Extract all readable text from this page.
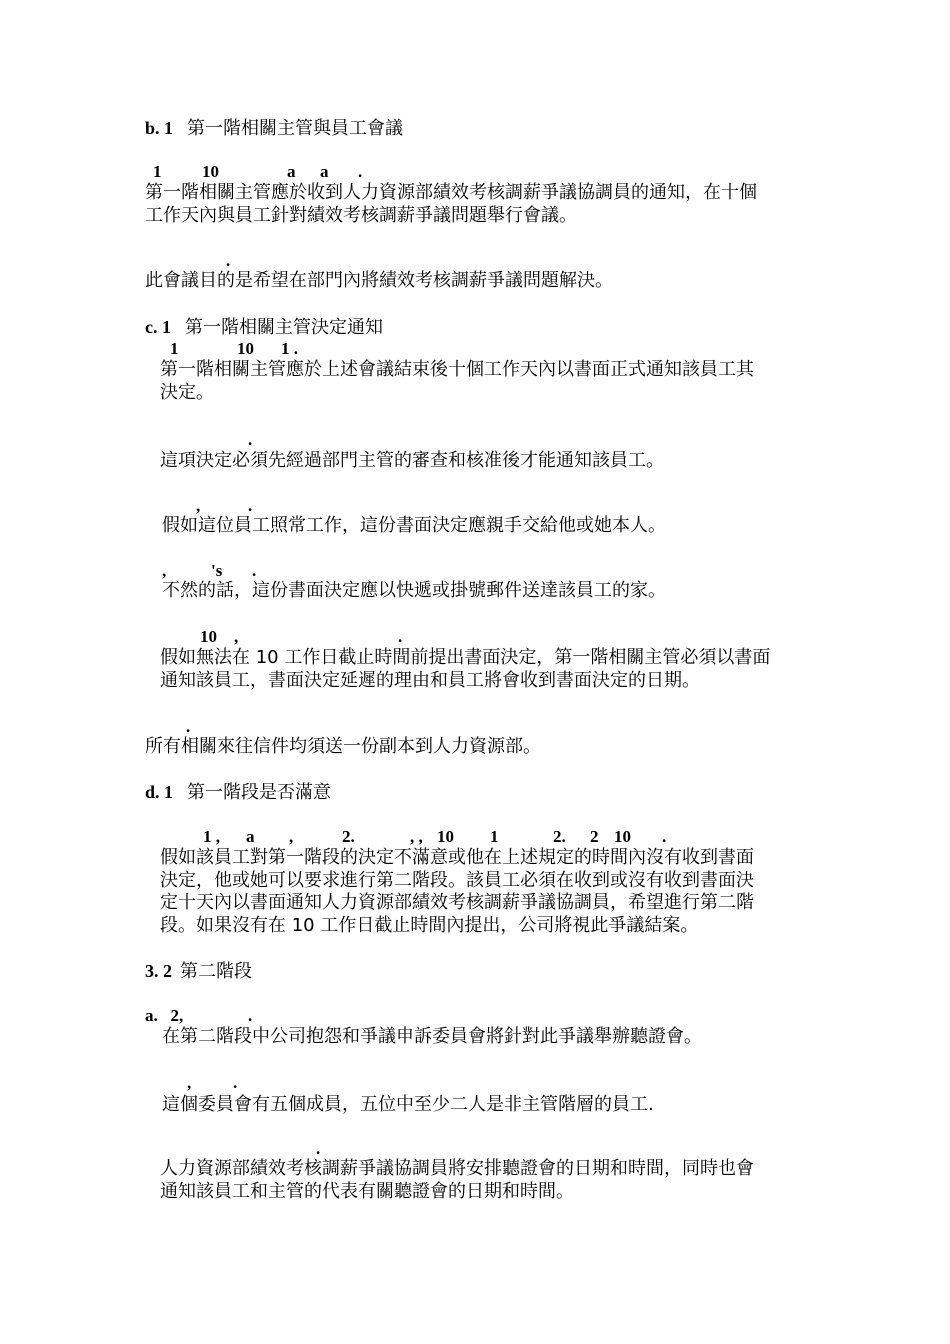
b. 1 第一階相關主管與員工會議
1 10	a a .
第一階相關主管應於收到人力資源部績效考核調薪爭議協調員的通知，在十個
工作天內與員工針對績效考核調薪爭議問題舉行會議。
.
此會議目的是希望在部門內將績效考核調薪爭議問題解決。
c. 1 第一階相關主管決定通知
1	10 1 .
第一階相關主管應於上述會議結束後十個工作天內以書面正式通知該員工其
決定。
.
這項決定必須先經過部門主管的審查和核准後才能通知該員工。
,	.
假如這位員工照常工作，這份書面決定應親手交給他或她本人。
,	's .
不然的話，這份書面決定應以快遞或掛號郵件送達該員工的家。
10 ,	.
假如無法在 10 工作日截止時間前提出書面決定，第一階相關主管必須以書面
通知該員工，書面決定延遲的理由和員工將會收到書面決定的日期。
.
所有相關來往信件均須送一份副本到人力資源部。
d. 1 第一階段是否滿意
1 , a ,	2.	, , 10 1	2. 2 10 .
假如該員工對第一階段的決定不滿意或他在上述規定的時間內沒有收到書面
決定，他或她可以要求進行第二階段。該員工必須在收到或沒有收到書面決
定十天內以書面通知人力資源部績效考核調薪爭議協調員，希望進行第二階
段。如果沒有在 10 工作日截止時間內提出，公司將視此爭議結案。
3. 2 第二階段
a.   2,	.
在第二階段中公司抱怨和爭議申訴委員會將針對此爭議舉辦聽證會。
, .
這個委員會有五個成員，五位中至少二人是非主管階層的員工.
.
人力資源部績效考核調薪爭議協調員將安排聽證會的日期和時間，同時也會
通知該員工和主管的代表有關聽證會的日期和時間。
